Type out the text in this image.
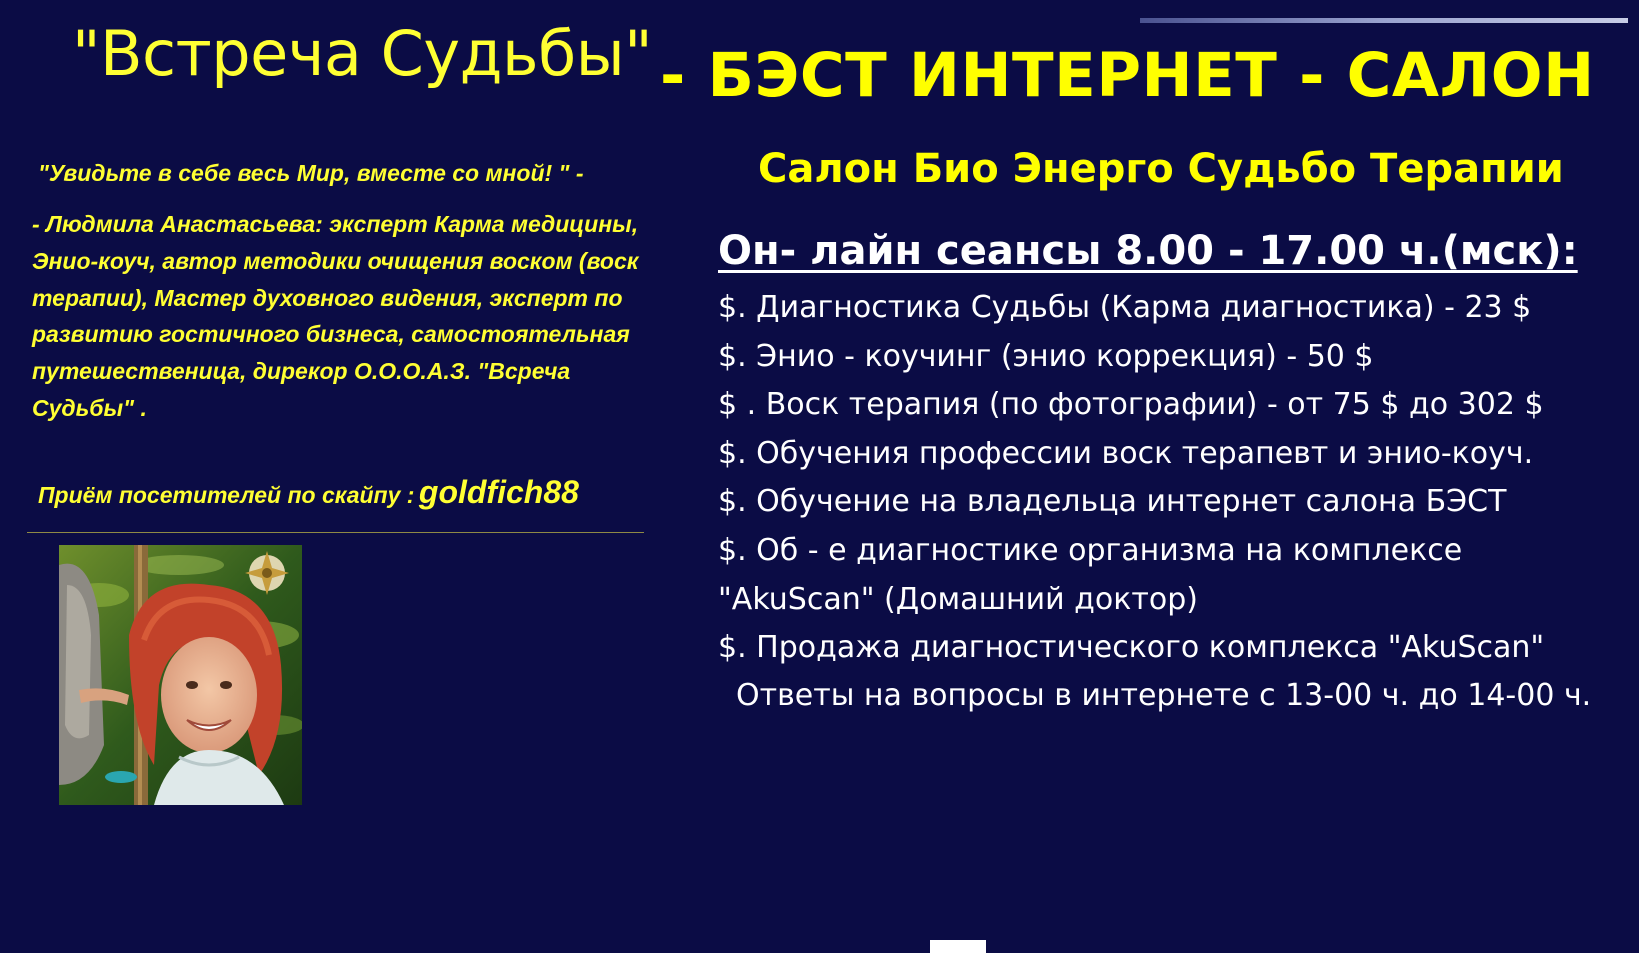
"Встреча Судьбы" - БЭСТ ИНТЕРНЕТ - САЛОН
"Увидьте в себе весь Мир, вместе со мной! " -
- Людмила Анастасьева: эксперт Карма медицины, Энио-коуч, автор методики очищения воском (воск терапии), Мастер духовного видения, эксперт по развитию гостичного бизнеса, самостоятельная путешественица, дирекор О.О.О.А.З. "Всреча Судьбы" .
Приём посетителей по скайпу : goldfich88
Салон Био Энерго Судьбо Терапии
Он- лайн сеансы 8.00 - 17.00 ч.(мск):
$. Диагностика Судьбы (Карма диагностика) - 23 $
$. Энио - коучинг (энио коррекция) - 50 $
$ . Воск терапия (по фотографии) - от 75 $ до 302 $
$. Обучения профессии воск терапевт и энио-коуч.
$. Обучение на владельца интернет салона БЭСТ
$. Об - е диагностике организма на комплексе "AkuScan" (Домашний доктор)
$. Продажа диагностического комплекса "AkuScan"
Ответы на вопросы в интернете с 13-00 ч. до 14-00 ч.
